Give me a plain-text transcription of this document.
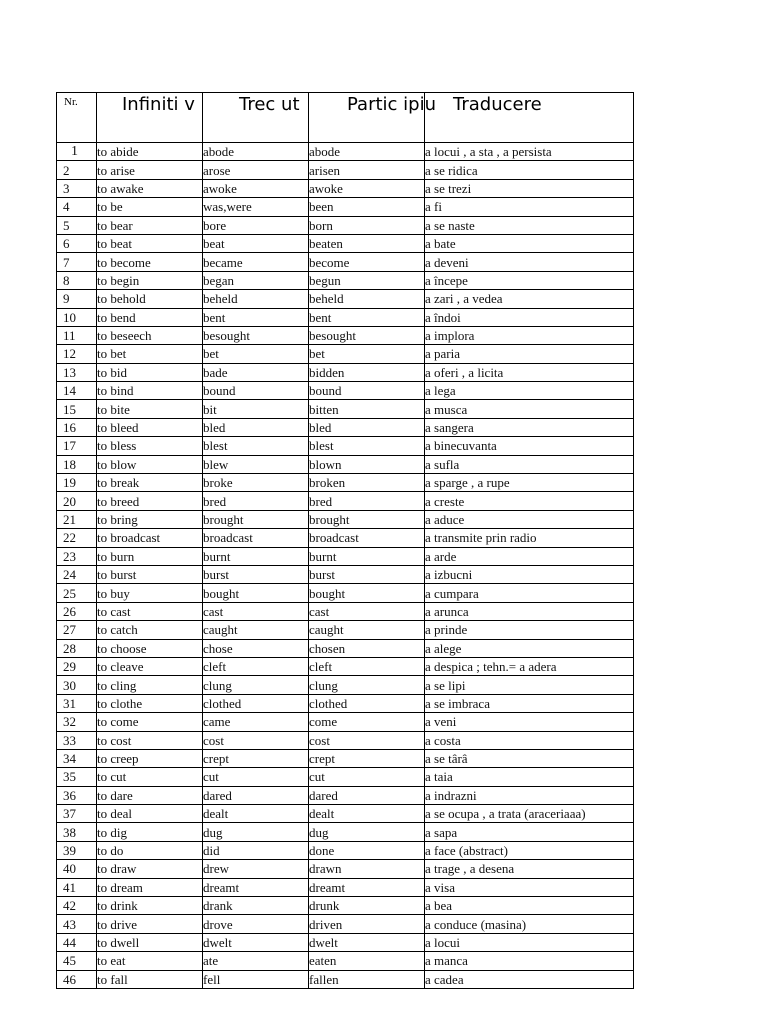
Nr.	Infiniti v	Trec ut	Partic ipiu	Traducere
1	to abide	abode	abode	a locui , a sta , a persista
2	to arise	arose	arisen	a se ridica
3	to awake	awoke	awoke	a se trezi
4	to be	was,were	been	a fi
5	to bear	bore	born	a se naste
6	to beat	beat	beaten	a bate
7	to become	became	become	a deveni
8	to begin	began	begun	a începe
9	to behold	beheld	beheld	a zari , a vedea
10	to bend	bent	bent	a îndoi
11	to beseech	besought	besought	a implora
12	to bet	bet	bet	a paria
13	to bid	bade	bidden	a oferi , a licita
14	to bind	bound	bound	a lega
15	to bite	bit	bitten	a musca
16	to bleed	bled	bled	a sangera
17	to bless	blest	blest	a binecuvanta
18	to blow	blew	blown	a sufla
19	to break	broke	broken	a sparge , a rupe
20	to breed	bred	bred	a creste
21	to bring	brought	brought	a aduce
22	to broadcast	broadcast	broadcast	a transmite prin radio
23	to burn	burnt	burnt	a arde
24	to burst	burst	burst	a izbucni
25	to buy	bought	bought	a cumpara
26	to cast	cast	cast	a arunca
27	to catch	caught	caught	a prinde
28	to choose	chose	chosen	a alege
29	to cleave	cleft	cleft	a despica ; tehn.= a adera
30	to cling	clung	clung	a se lipi
31	to clothe	clothed	clothed	a se imbraca
32	to come	came	come	a veni
33	to cost	cost	cost	a costa
34	to creep	crept	crept	a se târâ
35	to cut	cut	cut	a taia
36	to dare	dared	dared	a indrazni
37	to deal	dealt	dealt	a se ocupa , a trata (araceriaaa)
38	to dig	dug	dug	a sapa
39	to do	did	done	a face (abstract)
40	to draw	drew	drawn	a trage , a desena
41	to dream	dreamt	dreamt	a visa
42	to drink	drank	drunk	a bea
43	to drive	drove	driven	a conduce (masina)
44	to dwell	dwelt	dwelt	a locui
45	to eat	ate	eaten	a manca
46	to fall	fell	fallen	a cadea
